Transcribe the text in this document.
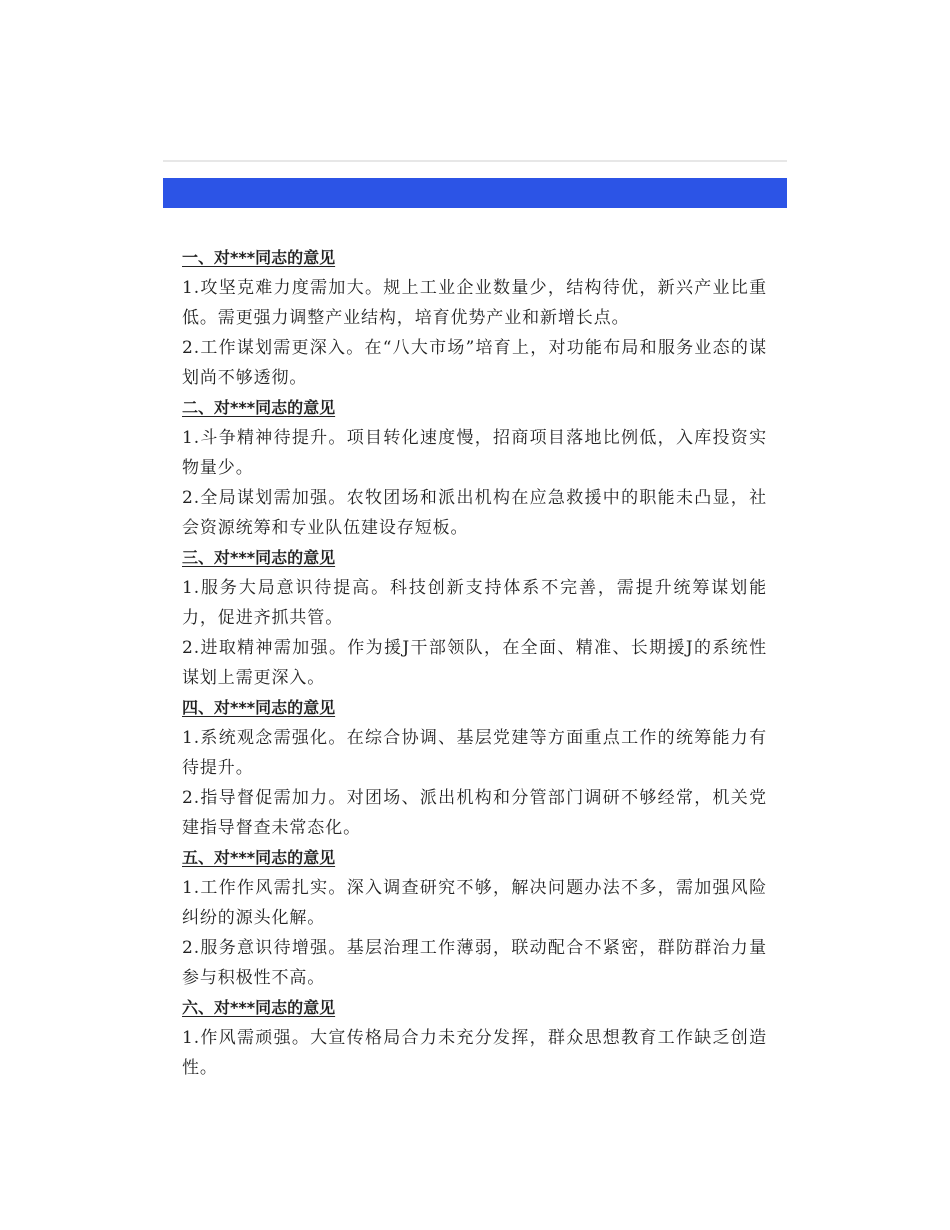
一、对***同志的意见
1.攻坚克难力度需加大。规上工业企业数量少，结构待优，新兴产业比重低。需更强力调整产业结构，培育优势产业和新增长点。
2.工作谋划需更深入。在“八大市场”培育上，对功能布局和服务业态的谋划尚不够透彻。
二、对***同志的意见
1.斗争精神待提升。项目转化速度慢，招商项目落地比例低，入库投资实物量少。
2.全局谋划需加强。农牧团场和派出机构在应急救援中的职能未凸显，社会资源统筹和专业队伍建设存短板。
三、对***同志的意见
1.服务大局意识待提高。科技创新支持体系不完善，需提升统筹谋划能力，促进齐抓共管。
2.进取精神需加强。作为援J干部领队，在全面、精准、长期援J的系统性谋划上需更深入。
四、对***同志的意见
1.系统观念需强化。在综合协调、基层党建等方面重点工作的统筹能力有待提升。
2.指导督促需加力。对团场、派出机构和分管部门调研不够经常，机关党建指导督查未常态化。
五、对***同志的意见
1.工作作风需扎实。深入调查研究不够，解决问题办法不多，需加强风险纠纷的源头化解。
2.服务意识待增强。基层治理工作薄弱，联动配合不紧密，群防群治力量参与积极性不高。
六、对***同志的意见
1.作风需顽强。大宣传格局合力未充分发挥，群众思想教育工作缺乏创造性。
